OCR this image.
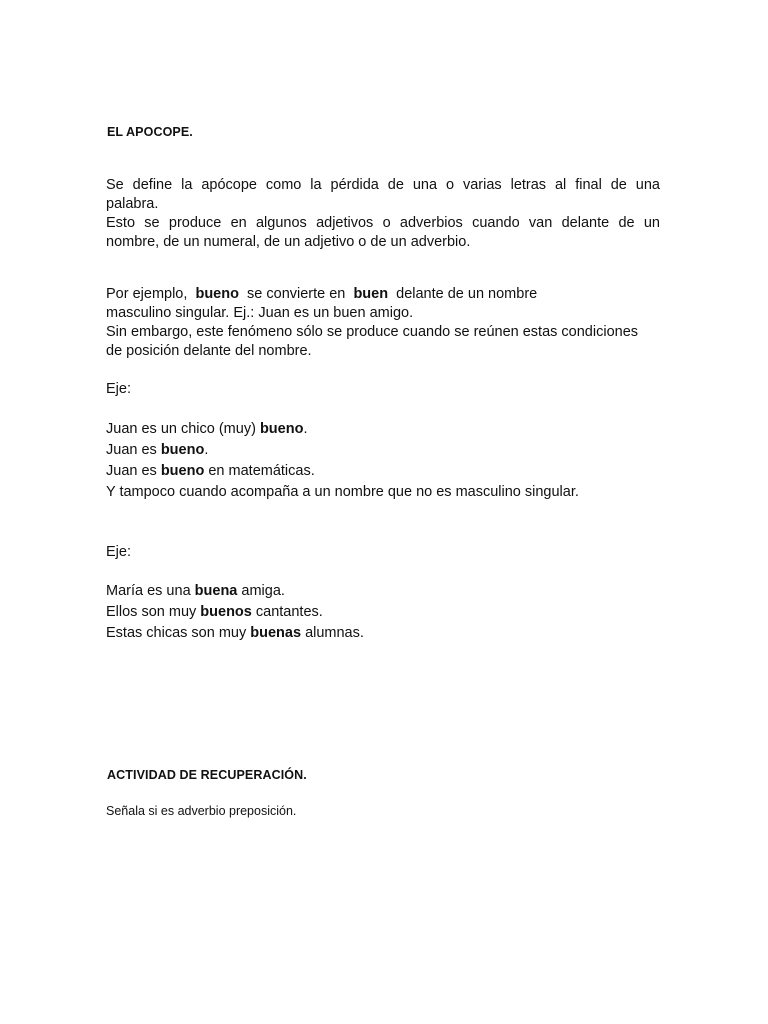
EL APOCOPE.
Se define la apócope como la pérdida de una o varias letras al final de una
palabra.
Esto se produce en algunos adjetivos o adverbios cuando van delante de un
nombre, de un numeral, de un adjetivo o de un adverbio.
Por ejemplo, bueno se convierte en buen delante de un nombre
masculino singular. Ej.: Juan es un buen amigo.
Sin embargo, este fenómeno sólo se produce cuando se reúnen estas condiciones
de posición delante del nombre.
Eje:
Juan es un chico (muy) bueno.
Juan es bueno.
Juan es bueno en matemáticas.
Y tampoco cuando acompaña a un nombre que no es masculino singular.
Eje:
María es una buena amiga.
Ellos son muy buenos cantantes.
Estas chicas son muy buenas alumnas.
ACTIVIDAD DE RECUPERACIÓN.
Señala si es adverbio preposición.
